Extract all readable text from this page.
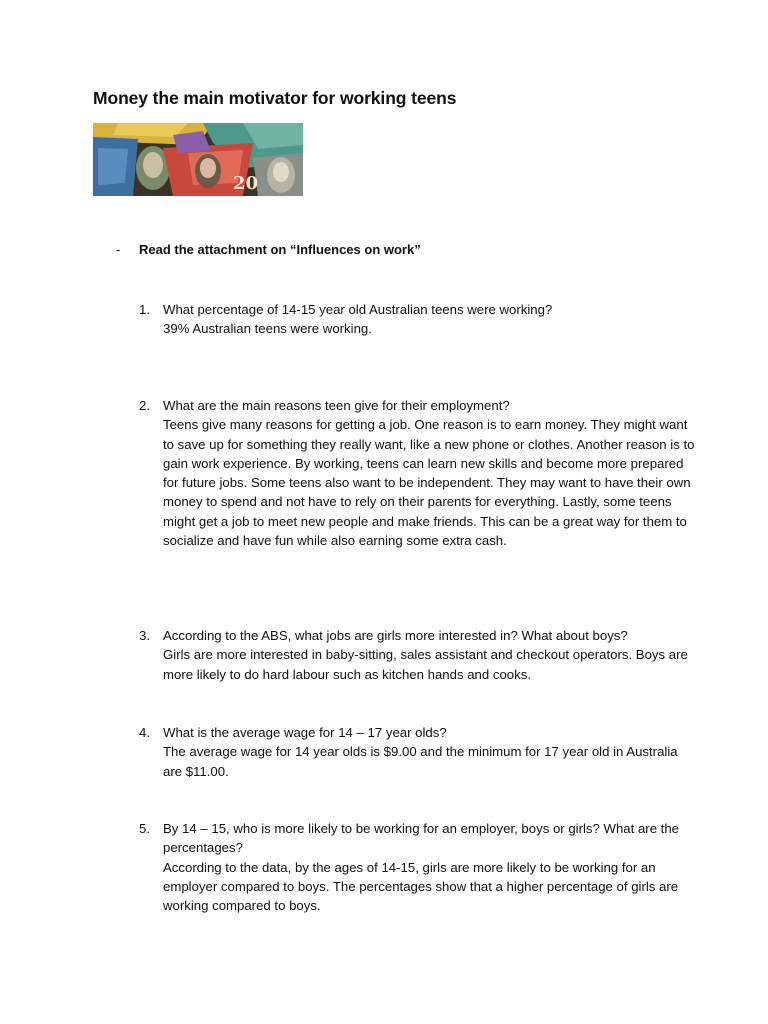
Money the main motivator for working teens
20
- Read the attachment on “Influences on work”
1. What percentage of 14-15 year old Australian teens were working?
39% Australian teens were working.
2. What are the main reasons teen give for their employment?
Teens give many reasons for getting a job. One reason is to earn money. They might want to save up for something they really want, like a new phone or clothes. Another reason is to gain work experience. By working, teens can learn new skills and become more prepared for future jobs. Some teens also want to be independent. They may want to have their own money to spend and not have to rely on their parents for everything. Lastly, some teens might get a job to meet new people and make friends. This can be a great way for them to socialize and have fun while also earning some extra cash.
3. According to the ABS, what jobs are girls more interested in? What about boys?
Girls are more interested in baby-sitting, sales assistant and checkout operators. Boys are more likely to do hard labour such as kitchen hands and cooks.
4. What is the average wage for 14 – 17 year olds?
The average wage for 14 year olds is $9.00 and the minimum for 17 year old in Australia are $11.00.
5. By 14 – 15, who is more likely to be working for an employer, boys or girls? What are the percentages?
According to the data, by the ages of 14-15, girls are more likely to be working for an employer compared to boys. The percentages show that a higher percentage of girls are working compared to boys.
